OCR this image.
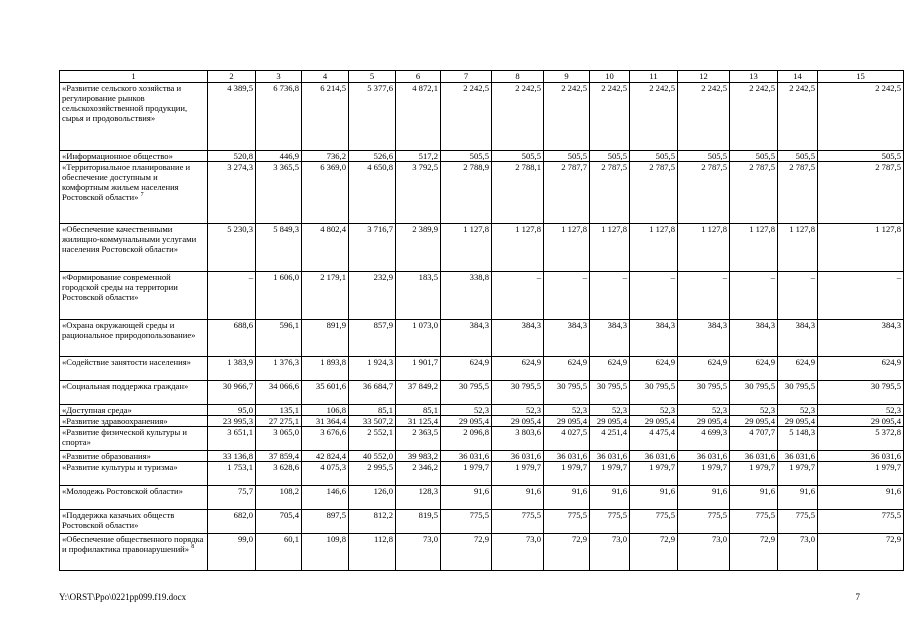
1	2	3	4	5	6	7	8	9	10	11	12	13	14	15
«Развитие сельского хозяйства и регулирование рынков сельскохозяйственной продукции, сырья и продовольствия»	4 389,5	6 736,8	6 214,5	5 377,6	4 872,1	2 242,5	2 242,5	2 242,5	2 242,5	2 242,5	2 242,5	2 242,5	2 242,5	2 242,5
«Информационное общество»	520,8	446,9	736,2	526,6	517,2	505,5	505,5	505,5	505,5	505,5	505,5	505,5	505,5	505,5
«Территориальное планирование и обеспечение доступным и комфортным жильем населения Ростовской области» $^7$	3 274,3	3 365,5	6 369,0	4 650,8	3 792,5	2 788,9	2 788,1	2 787,7	2 787,5	2 787,5	2 787,5	2 787,5	2 787,5	2 787,5
«Обеспечение качественными жилищно-коммунальными услугами населения Ростовской области»	5 230,3	5 849,3	4 802,4	3 716,7	2 389,9	1 127,8	1 127,8	1 127,8	1 127,8	1 127,8	1 127,8	1 127,8	1 127,8	1 127,8
«Формирование современной городской среды на территории Ростовской области»	–	1 606,0	2 179,1	232,9	183,5	338,8	–	–	–	–	–	–	–	–
«Охрана окружающей среды и рациональное природопользование»	688,6	596,1	891,9	857,9	1 073,0	384,3	384,3	384,3	384,3	384,3	384,3	384,3	384,3	384,3
«Содействие занятости населения»	1 383,9	1 376,3	1 893,8	1 924,3	1 901,7	624,9	624,9	624,9	624,9	624,9	624,9	624,9	624,9	624,9
«Социальная поддержка граждан»	30 966,7	34 066,6	35 601,6	36 684,7	37 849,2	30 795,5	30 795,5	30 795,5	30 795,5	30 795,5	30 795,5	30 795,5	30 795,5	30 795,5
«Доступная среда»	95,0	135,1	106,8	85,1	85,1	52,3	52,3	52,3	52,3	52,3	52,3	52,3	52,3	52,3
«Развитие здравоохранения»	23 995,3	27 275,1	31 364,4	33 507,2	31 125,4	29 095,4	29 095,4	29 095,4	29 095,4	29 095,4	29 095,4	29 095,4	29 095,4	29 095,4
«Развитие физической культуры и спорта»	3 651,1	3 065,0	3 676,6	2 552,1	2 363,5	2 096,8	3 803,6	4 027,5	4 251,4	4 475,4	4 699,3	4 707,7	5 148,3	5 372,8
«Развитие образования»	33 136,8	37 859,4	42 824,4	40 552,0	39 983,2	36 031,6	36 031,6	36 031,6	36 031,6	36 031,6	36 031,6	36 031,6	36 031,6	36 031,6
«Развитие культуры и туризма»	1 753,1	3 628,6	4 075,3	2 995,5	2 346,2	1 979,7	1 979,7	1 979,7	1 979,7	1 979,7	1 979,7	1 979,7	1 979,7	1 979,7
«Молодежь Ростовской области»	75,7	108,2	146,6	126,0	128,3	91,6	91,6	91,6	91,6	91,6	91,6	91,6	91,6	91,6
«Поддержка казачьих обществ Ростовской области»	682,0	705,4	897,5	812,2	819,5	775,5	775,5	775,5	775,5	775,5	775,5	775,5	775,5	775,5
«Обеспечение общественного порядка и профилактика правонарушений» $^8$	99,0	60,1	109,8	112,8	73,0	72,9	73,0	72,9	73,0	72,9	73,0	72,9	73,0	72,9
Y:\ORST\Ppo\0221pp099.f19.docx	7
